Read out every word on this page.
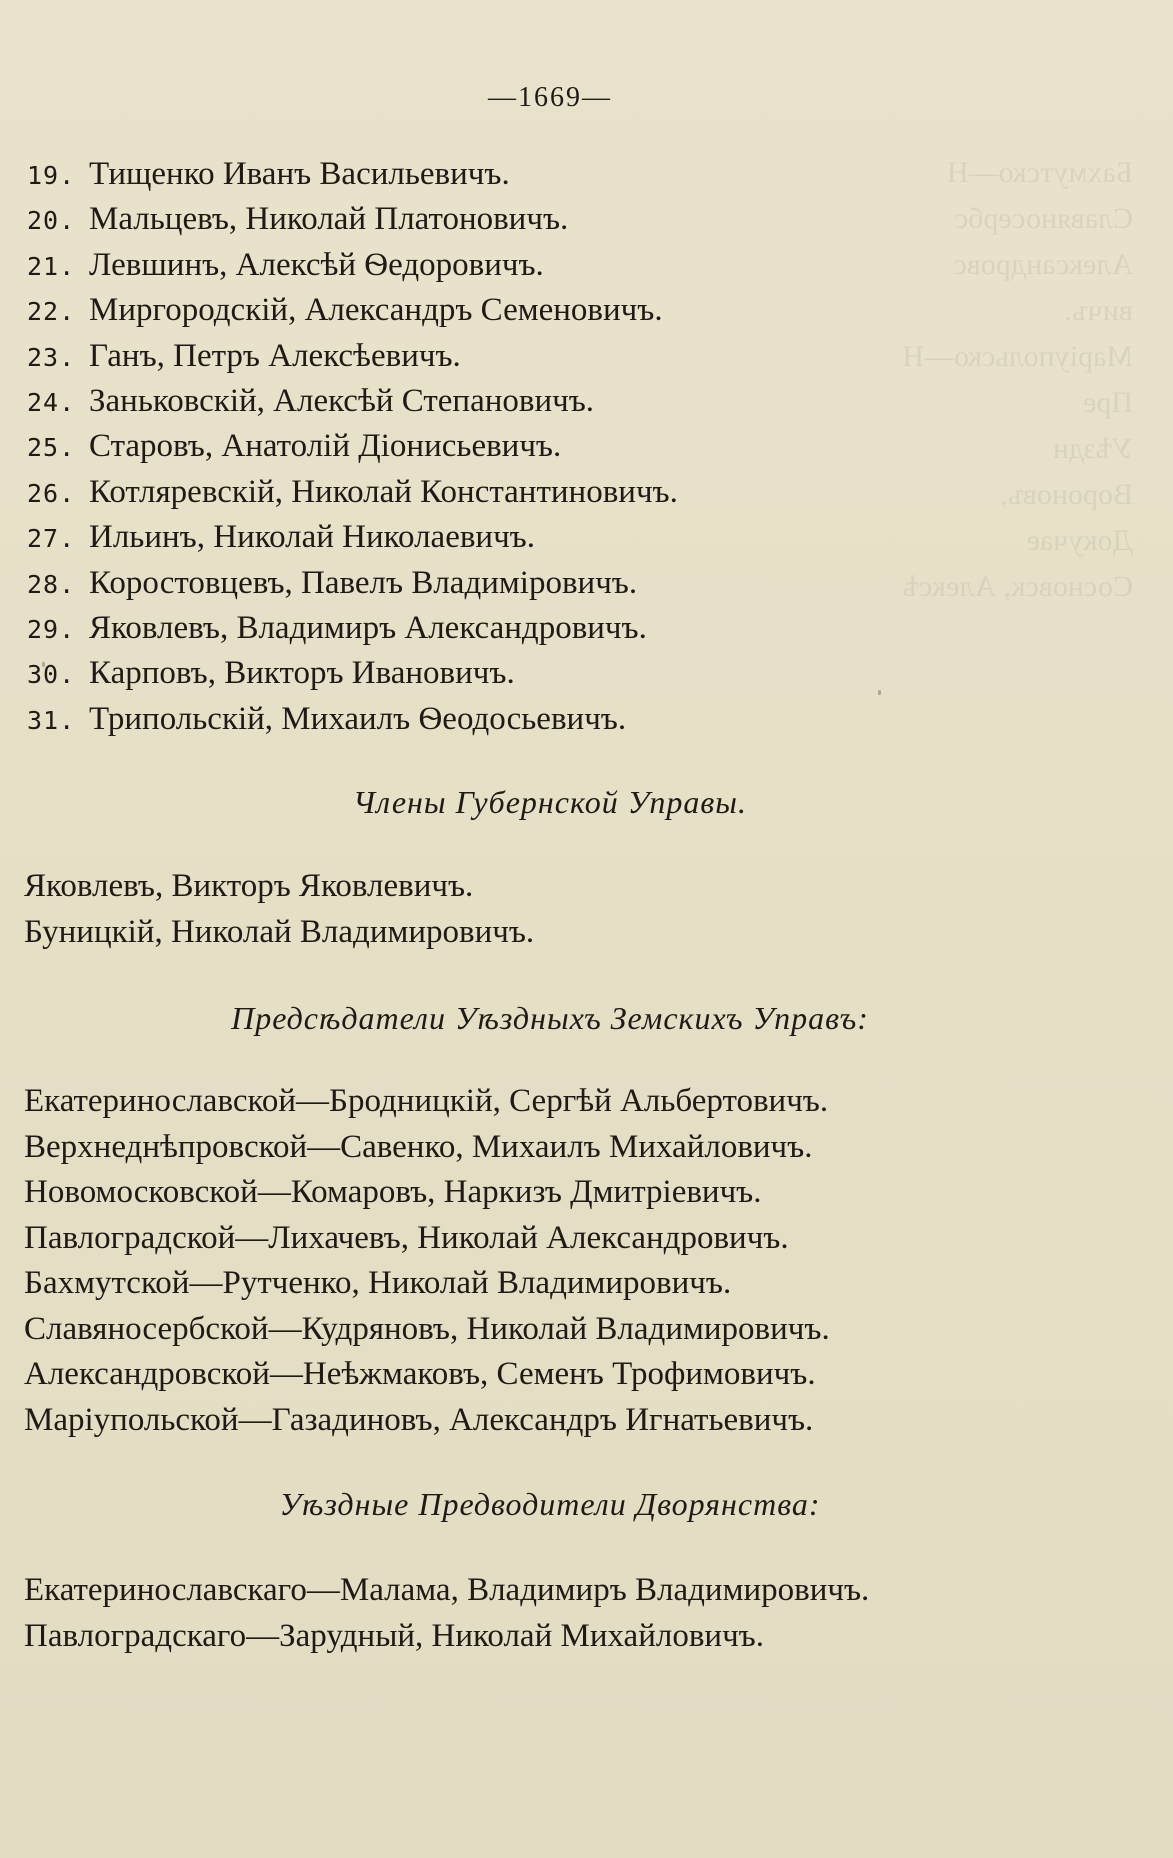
Бахмутско—Н
Славяносербс
Александровс
вичъ.
Марiупольско—Н
Пре
Уѣздн
Вороновъ,
Докучае
Сосновск, Алексѣ
—1669—
19. Тищенко Иванъ Васильевичъ.
20. Мальцевъ, Николай Платоновичъ.
21. Левшинъ, Алексѣй Ѳедоровичъ.
22. Миргородскiй, Александръ Семеновичъ.
23. Ганъ, Петръ Алексѣевичъ.
24. Заньковскiй, Алексѣй Степановичъ.
25. Старовъ, Анатолiй Дiонисьевичъ.
26. Котляревскiй, Николай Константиновичъ.
27. Ильинъ, Николай Николаевичъ.
28. Коростовцевъ, Павелъ Владимiровичъ.
29. Яковлевъ, Владимиръ Александровичъ.
30. Карповъ, Викторъ Ивановичъ.
31. Трипольскiй, Михаилъ Ѳеодосьевичъ.
Члены Губернской Управы.
Яковлевъ, Викторъ Яковлевичъ.
Буницкiй, Николай Владимировичъ.
Предсѣдатели Уѣздныхъ Земскихъ Управъ:
Екатеринославской—Бродницкiй, Сергѣй Альбертовичъ.
Верхнеднѣпровской—Савенко, Михаилъ Михайловичъ.
Новомосковской—Комаровъ, Наркизъ Дмитрiевичъ.
Павлоградской—Лихачевъ, Николай Александровичъ.
Бахмутской—Рутченко, Николай Владимировичъ.
Славяносербской—Кудряновъ, Николай Владимировичъ.
Александровской—Неѣжмаковъ, Семенъ Трофимовичъ.
Марiупольской—Газадиновъ, Александръ Игнатьевичъ.
Уѣздные Предводители Дворянства:
Екатеринославскаго—Малама, Владимиръ Владимировичъ.
Павлоградскаго—Зарудный, Николай Михайловичъ.
